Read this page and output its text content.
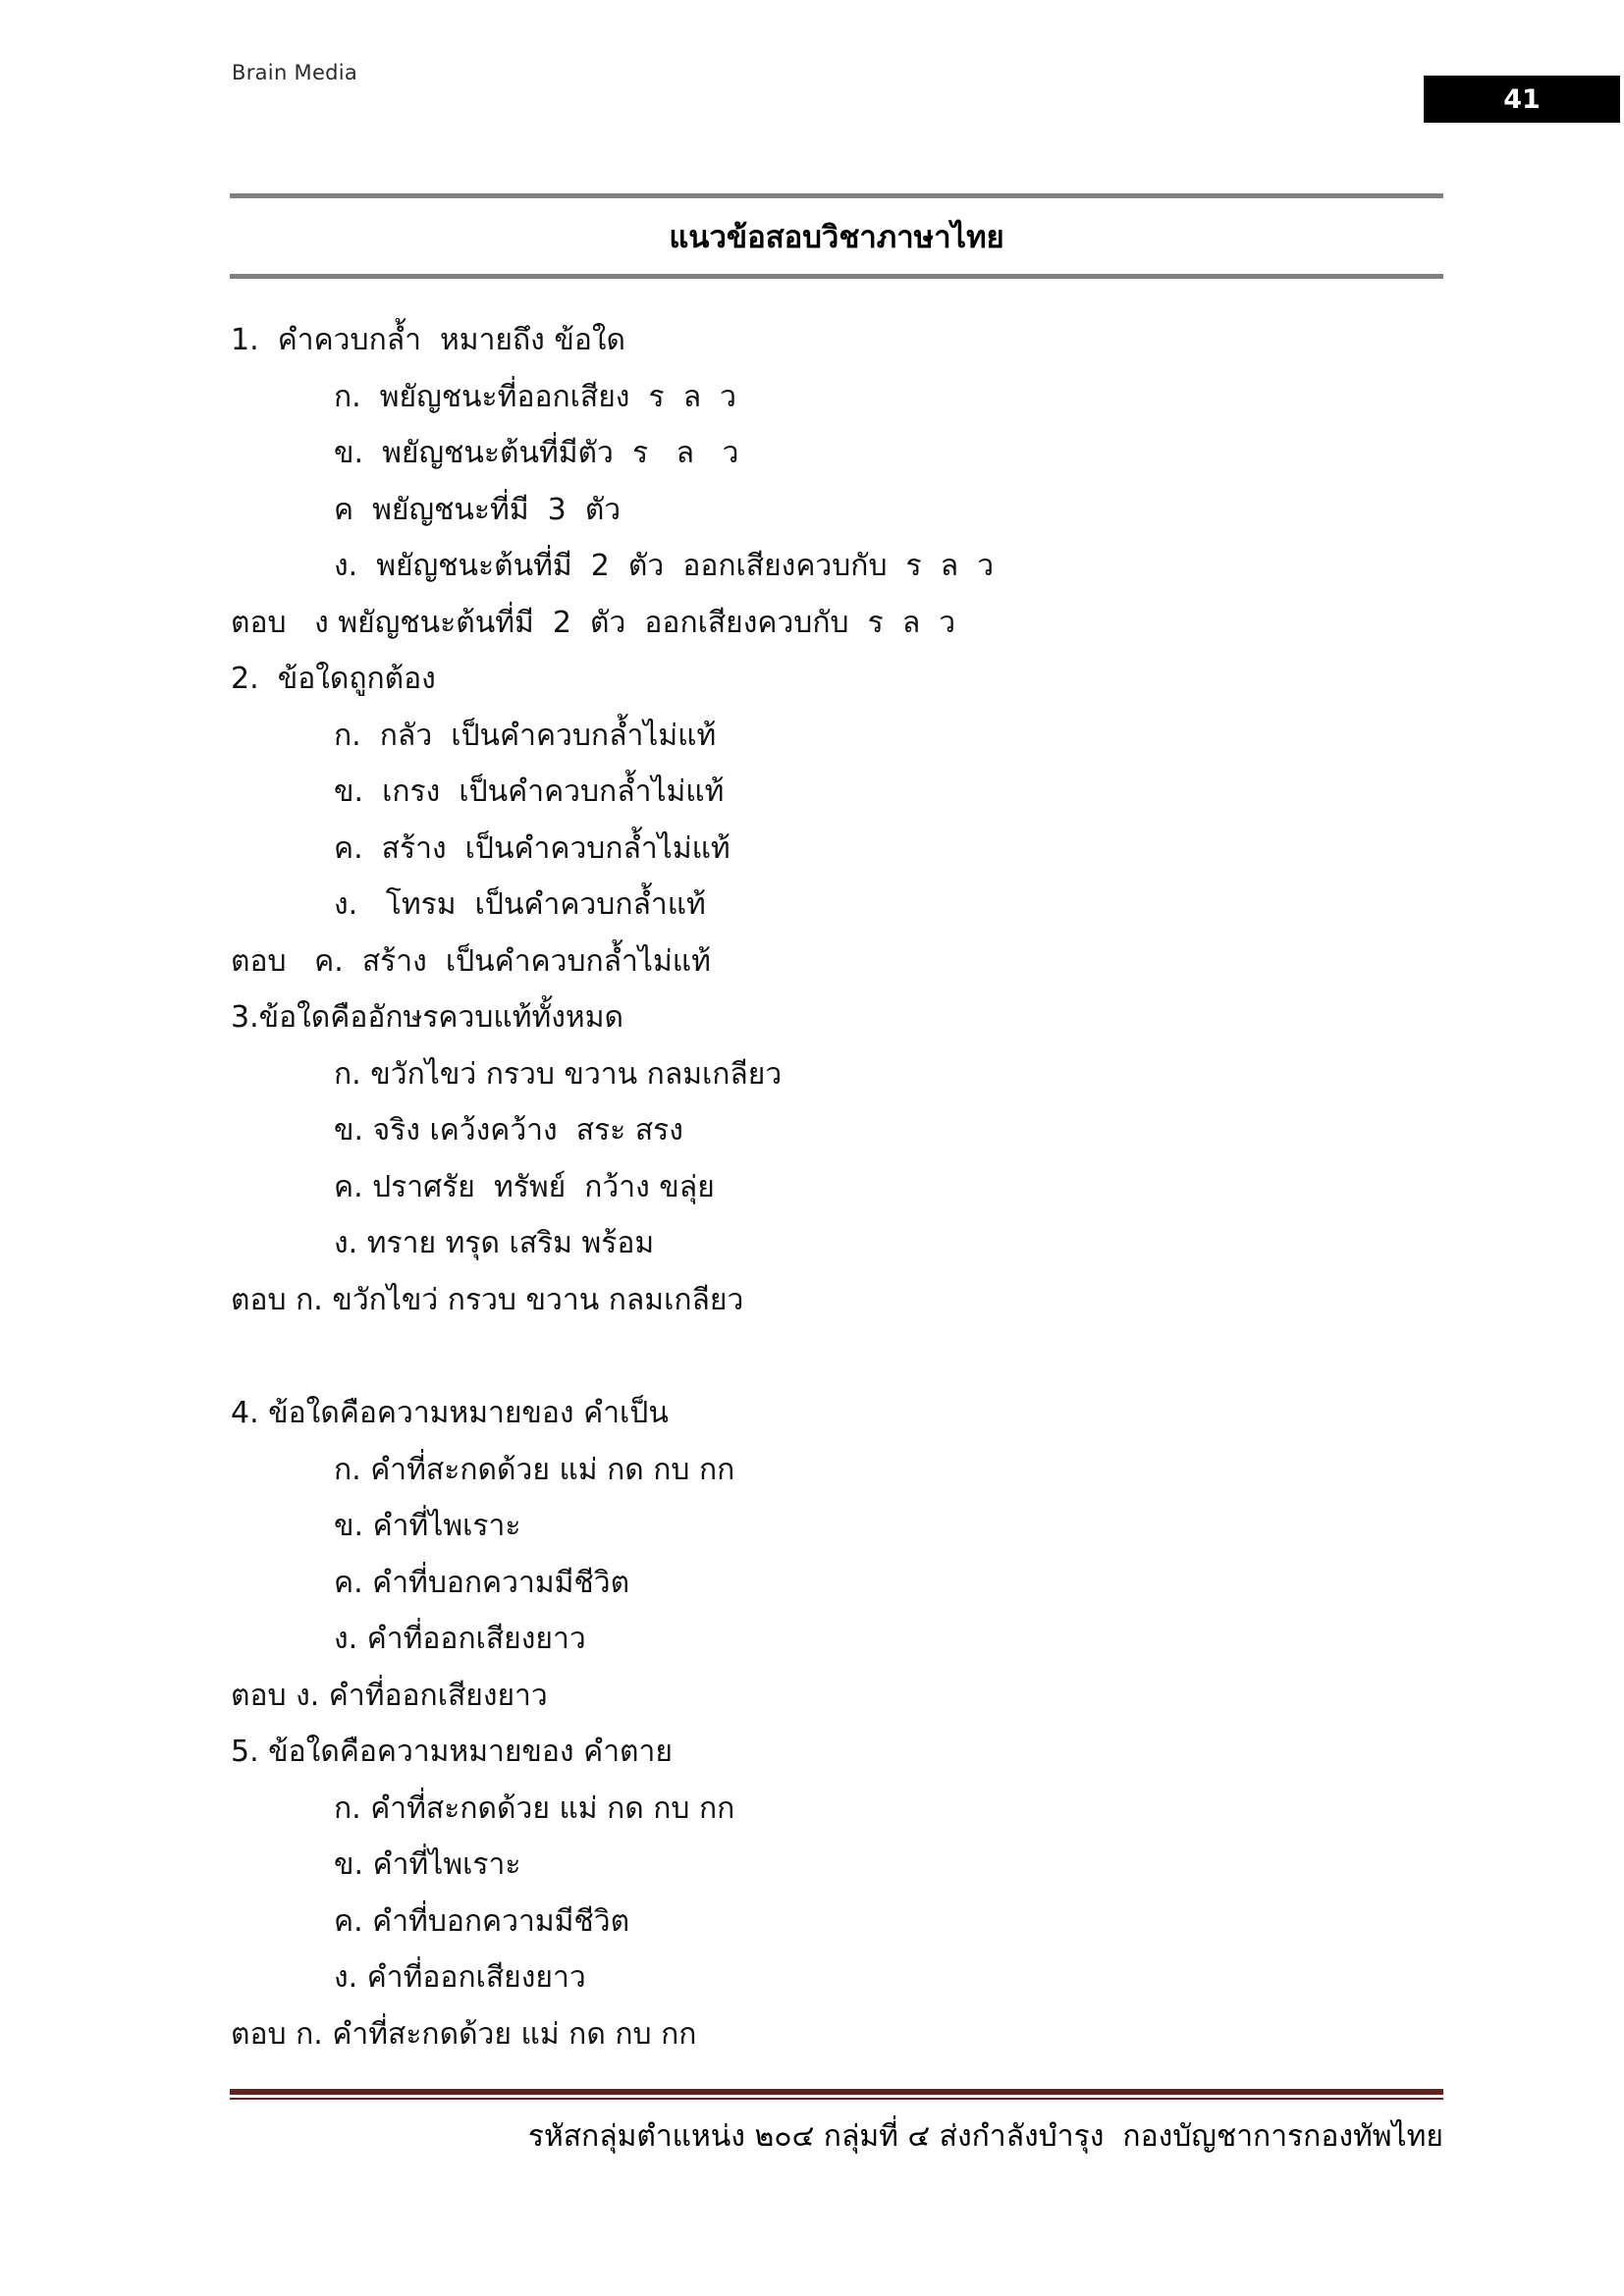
Brain Media
41
แนวข้อสอบวิชาภาษาไทย
1.  คำควบกล้ำ  หมายถึง ข้อใด
ก.  พยัญชนะที่ออกเสียง  ร  ล  ว
ข.  พยัญชนะต้นที่มีตัว  ร   ล   ว
ค  พยัญชนะที่มี  3  ตัว
ง.  พยัญชนะต้นที่มี  2  ตัว  ออกเสียงควบกับ  ร  ล  ว
ตอบ   ง พยัญชนะต้นที่มี  2  ตัว  ออกเสียงควบกับ  ร  ล  ว
2.  ข้อใดถูกต้อง
ก.  กลัว  เป็นคำควบกล้ำไม่แท้
ข.  เกรง  เป็นคำควบกล้ำไม่แท้
ค.  สร้าง  เป็นคำควบกล้ำไม่แท้
ง.   โทรม  เป็นคำควบกล้ำแท้
ตอบ   ค.  สร้าง  เป็นคำควบกล้ำไม่แท้
3.ข้อใดคืออักษรควบแท้ทั้งหมด
ก. ขวักไขว่ กรวบ ขวาน กลมเกลียว
ข. จริง เคว้งคว้าง  สระ สรง
ค. ปราศรัย  ทรัพย์  กว้าง ขลุ่ย
ง. ทราย ทรุด เสริม พร้อม
ตอบ ก. ขวักไขว่ กรวบ ขวาน กลมเกลียว
4. ข้อใดคือความหมายของ คำเป็น
ก. คำที่สะกดด้วย แม่ กด กบ กก
ข. คำที่ไพเราะ
ค. คำที่บอกความมีชีวิต
ง. คำที่ออกเสียงยาว
ตอบ ง. คำที่ออกเสียงยาว
5. ข้อใดคือความหมายของ คำตาย
ก. คำที่สะกดด้วย แม่ กด กบ กก
ข. คำที่ไพเราะ
ค. คำที่บอกความมีชีวิต
ง. คำที่ออกเสียงยาว
ตอบ ก. คำที่สะกดด้วย แม่ กด กบ กก
รหัสกลุ่มตำแหน่ง ๒๐๔ กลุ่มที่ ๔ ส่งกำลังบำรุง  กองบัญชาการกองทัพไทย
